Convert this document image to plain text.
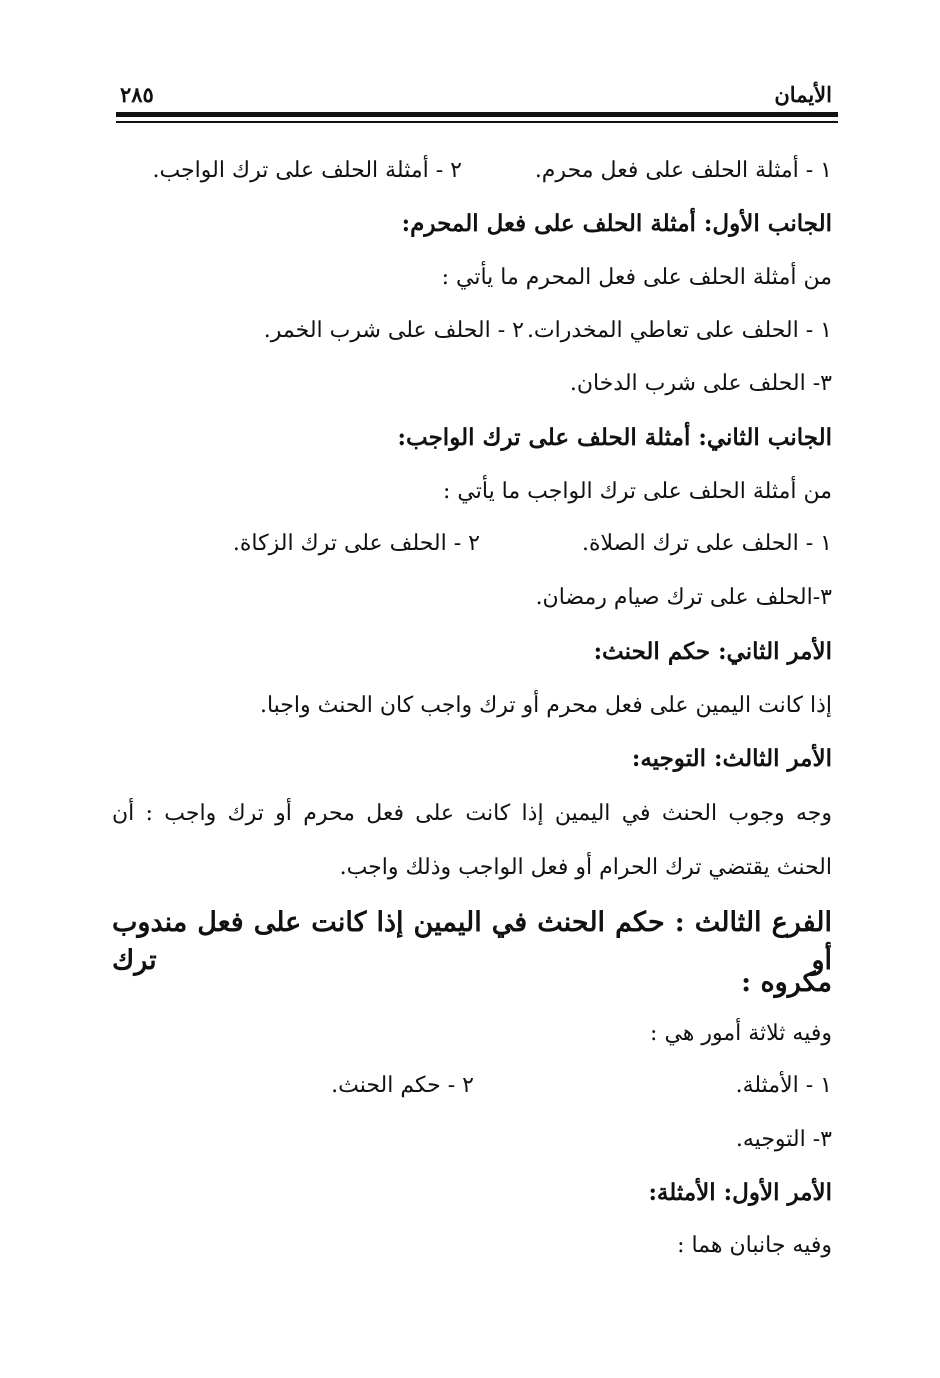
الأيمان
٢٨٥
١ - أمثلة الحلف على فعل محرم.
٢ - أمثلة الحلف على ترك الواجب.
الجانب الأول: أمثلة الحلف على فعل المحرم:
من أمثلة الحلف على فعل المحرم ما يأتي :
١ - الحلف على تعاطي المخدرات.
٢ - الحلف على شرب الخمر.
٣- الحلف على شرب الدخان.
الجانب الثاني: أمثلة الحلف على ترك الواجب:
من أمثلة الحلف على ترك الواجب ما يأتي :
١ - الحلف على ترك الصلاة.
٢ - الحلف على ترك الزكاة.
٣-الحلف على ترك صيام رمضان.
الأمر الثاني: حكم الحنث:
إذا كانت اليمين على فعل محرم أو ترك واجب كان الحنث واجبا.
الأمر الثالث: التوجيه:
وجه وجوب الحنث في اليمين إذا كانت على فعل محرم أو ترك واجب : أن
الحنث يقتضي ترك الحرام أو فعل الواجب وذلك واجب.
الفرع الثالث : حكم الحنث في اليمين إذا كانت على فعل مندوب أو ترك
مكروه :
وفيه ثلاثة أمور هي :
١ - الأمثلة.
٢ - حكم الحنث.
٣- التوجيه.
الأمر الأول: الأمثلة:
وفيه جانبان هما :
